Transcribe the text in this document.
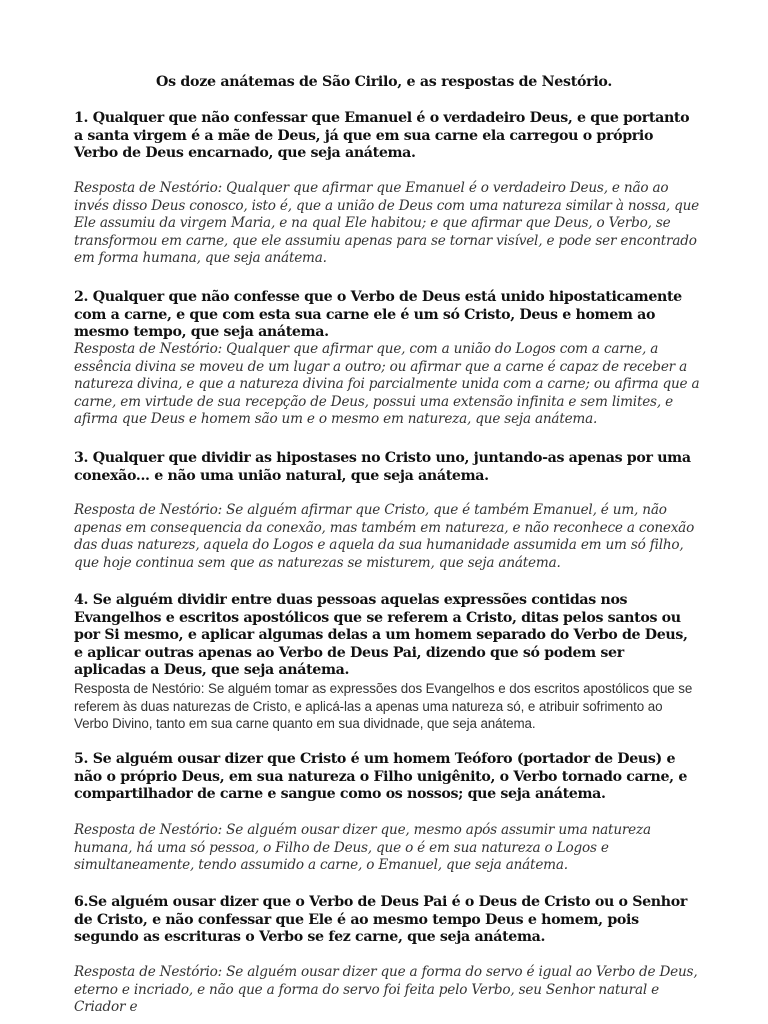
Os doze anátemas de São Cirilo, e as respostas de Nestório.

1. Qualquer que não confessar que Emanuel é o verdadeiro Deus, e que portanto a santa virgem é a mãe de Deus, já que em sua carne ela carregou o próprio Verbo de Deus encarnado, que seja anátema.

Resposta de Nestório: Qualquer que afirmar que Emanuel é o verdadeiro Deus, e não ao invés disso Deus conosco, isto é, que a união de Deus com uma natureza similar à nossa, que Ele assumiu da virgem Maria, e na qual Ele habitou; e que afirmar que Deus, o Verbo, se transformou em carne, que ele assumiu apenas para se tornar visível, e pode ser encontrado em forma humana, que seja anátema.

2. Qualquer que não confesse que o Verbo de Deus está unido hipostaticamente com a carne, e que com esta sua carne ele é um só Cristo, Deus e homem ao mesmo tempo, que seja anátema.

Resposta de Nestório: Qualquer que afirmar que, com a união do Logos com a carne, a essência divina se moveu de um lugar a outro; ou afirmar que a carne é capaz de receber a natureza divina, e que a natureza divina foi parcialmente unida com a carne; ou afirma que a carne, em virtude de sua recepção de Deus, possui uma extensão infinita e sem limites, e afirma que Deus e homem são um e o mesmo em natureza, que seja anátema.

3. Qualquer que dividir as hipostases no Cristo uno, juntando-as apenas por uma conexão... e não uma união natural, que seja anátema.

Resposta de Nestório: Se alguém afirmar que Cristo, que é também Emanuel, é um, não apenas em consequencia da conexão, mas também em natureza, e não reconhece a conexão das duas naturezs, aquela do Logos e aquela da sua humanidade assumida em um só filho, que hoje continua sem que as naturezas se misturem, que seja anátema.

4. Se alguém dividir entre duas pessoas aquelas expressões contidas nos Evangelhos e escritos apostólicos que se referem a Cristo, ditas pelos santos ou por Si mesmo, e aplicar algumas delas a um homem separado do Verbo de Deus, e aplicar outras apenas ao Verbo de Deus Pai, dizendo que só podem ser aplicadas a Deus, que seja anátema.

Resposta de Nestório: Se alguém tomar as expressões dos Evangelhos e dos escritos apostólicos que se referem às duas naturezas de Cristo, e aplicá-las a apenas uma natureza só, e atribuir sofrimento ao Verbo Divino, tanto em sua carne quanto em sua dividnade, que seja anátema.

5. Se alguém ousar dizer que Cristo é um homem Teóforo (portador de Deus) e não o próprio Deus, em sua natureza o Filho unigênito, o Verbo tornado carne, e compartilhador de carne e sangue como os nossos; que seja anátema.

Resposta de Nestório: Se alguém ousar dizer que, mesmo após assumir uma natureza humana, há uma só pessoa, o Filho de Deus, que o é em sua natureza o Logos e simultaneamente, tendo assumido a carne, o Emanuel, que seja anátema.

6.Se alguém ousar dizer que o Verbo de Deus Pai é o Deus de Cristo ou o Senhor de Cristo, e não confessar que Ele é ao mesmo tempo Deus e homem, pois segundo as escrituras o Verbo se fez carne, que seja anátema.

Resposta de Nestório: Se alguém ousar dizer que a forma do servo é igual ao Verbo de Deus, eterno e incriado, e não que a forma do servo foi feita pelo Verbo, seu Senhor natural e Criador e
